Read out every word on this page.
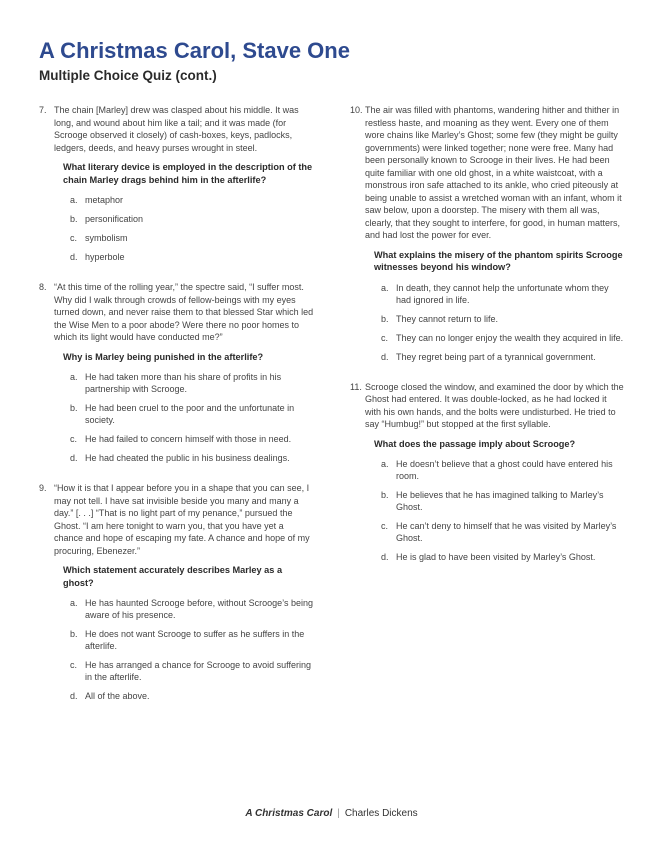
A Christmas Carol, Stave One
Multiple Choice Quiz (cont.)
7. The chain [Marley] drew was clasped about his middle. It was long, and wound about him like a tail; and it was made (for Scrooge observed it closely) of cash-boxes, keys, padlocks, ledgers, deeds, and heavy purses wrought in steel.

What literary device is employed in the description of the chain Marley drags behind him in the afterlife?
a. metaphor
b. personification
c. symbolism
d. hyperbole
8. “At this time of the rolling year,” the spectre said, “I suffer most. Why did I walk through crowds of fellow-beings with my eyes turned down, and never raise them to that blessed Star which led the Wise Men to a poor abode? Were there no poor homes to which its light would have conducted me?”

Why is Marley being punished in the afterlife?
a. He had taken more than his share of profits in his partnership with Scrooge.
b. He had been cruel to the poor and the unfortunate in society.
c. He had failed to concern himself with those in need.
d. He had cheated the public in his business dealings.
9. “How it is that I appear before you in a shape that you can see, I may not tell. I have sat invisible beside you many and many a day.” [. . .] “That is no light part of my penance,” pursued the Ghost. “I am here tonight to warn you, that you have yet a chance and hope of escaping my fate. A chance and hope of my procuring, Ebenezer.”

Which statement accurately describes Marley as a ghost?
a. He has haunted Scrooge before, without Scrooge’s being aware of his presence.
b. He does not want Scrooge to suffer as he suffers in the afterlife.
c. He has arranged a chance for Scrooge to avoid suffering in the afterlife.
d. All of the above.
10. The air was filled with phantoms, wandering hither and thither in restless haste, and moaning as they went. Every one of them wore chains like Marley’s Ghost; some few (they might be guilty governments) were linked together; none were free. Many had been personally known to Scrooge in their lives. He had been quite familiar with one old ghost, in a white waistcoat, with a monstrous iron safe attached to its ankle, who cried piteously at being unable to assist a wretched woman with an infant, whom it saw below, upon a doorstep. The misery with them all was, clearly, that they sought to interfere, for good, in human matters, and had lost the power for ever.

What explains the misery of the phantom spirits Scrooge witnesses beyond his window?
a. In death, they cannot help the unfortunate whom they had ignored in life.
b. They cannot return to life.
c. They can no longer enjoy the wealth they acquired in life.
d. They regret being part of a tyrannical government.
11. Scrooge closed the window, and examined the door by which the Ghost had entered. It was double-locked, as he had locked it with his own hands, and the bolts were undisturbed. He tried to say “Humbug!” but stopped at the first syllable.

What does the passage imply about Scrooge?
a. He doesn’t believe that a ghost could have entered his room.
b. He believes that he has imagined talking to Marley’s Ghost.
c. He can’t deny to himself that he was visited by Marley’s Ghost.
d. He is glad to have been visited by Marley’s Ghost.
A Christmas Carol | Charles Dickens
